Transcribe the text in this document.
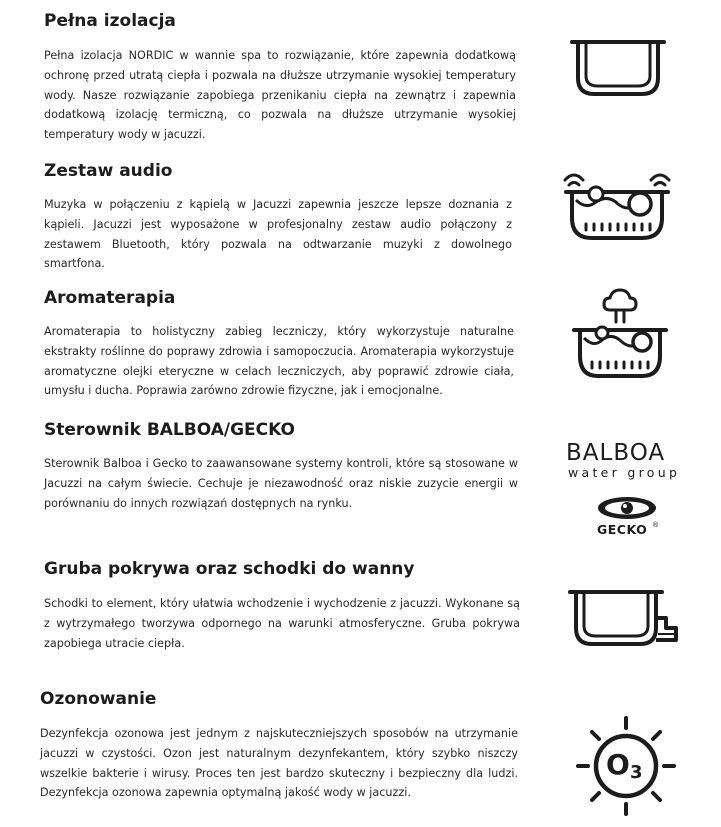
Pełna izolacja

Pełna izolacja NORDIC w wannie spa to rozwiązanie, które zapewnia dodatkową ochronę przed utratą ciepła i pozwala na dłuższe utrzymanie wysokiej temperatury wody. Nasze rozwiązanie zapobiega przenikaniu ciepła na zewnątrz i zapewnia dodatkową izolację termiczną, co pozwala na dłuższe utrzymanie wysokiej temperatury wody w jacuzzi.

Zestaw audio

Muzyka w połączeniu z kąpielą w Jacuzzi zapewnia jeszcze lepsze doznania z kąpieli. Jacuzzi jest wyposażone w profesjonalny zestaw audio połączony z zestawem Bluetooth, który pozwala na odtwarzanie muzyki z dowolnego smartfona.

Aromaterapia

Aromaterapia to holistyczny zabieg leczniczy, który wykorzystuje naturalne ekstrakty roślinne do poprawy zdrowia i samopoczucia. Aromaterapia wykorzystuje aromatyczne olejki eteryczne w celach leczniczych, aby poprawić zdrowie ciała, umysłu i ducha. Poprawia zarówno zdrowie fizyczne, jak i emocjonalne.

Sterownik BALBOA/GECKO

Sterownik Balboa i Gecko to zaawansowane systemy kontroli, które są stosowane w Jacuzzi na całym świecie. Cechuje je niezawodność oraz niskie zuzycie energii w porównaniu do innych rozwiązań dostępnych na rynku.

BALBOA
water group
GECKO ®
Gruba pokrywa oraz schodki do wanny

Schodki to element, który ułatwia wchodzenie i wychodzenie z jacuzzi. Wykonane są z wytrzymałego tworzywa odpornego na warunki atmosferyczne. Gruba pokrywa zapobiega utracie ciepła.

Ozonowanie

Dezynfekcja ozonowa jest jednym z najskuteczniejszych sposobów na utrzymanie jacuzzi w czystości. Ozon jest naturalnym dezynfekantem, który szybko niszczy wszelkie bakterie i wirusy. Proces ten jest bardzo skuteczny i bezpieczny dla ludzi. Dezynfekcja ozonowa zapewnia optymalną jakość wody w jacuzzi.

O 3
